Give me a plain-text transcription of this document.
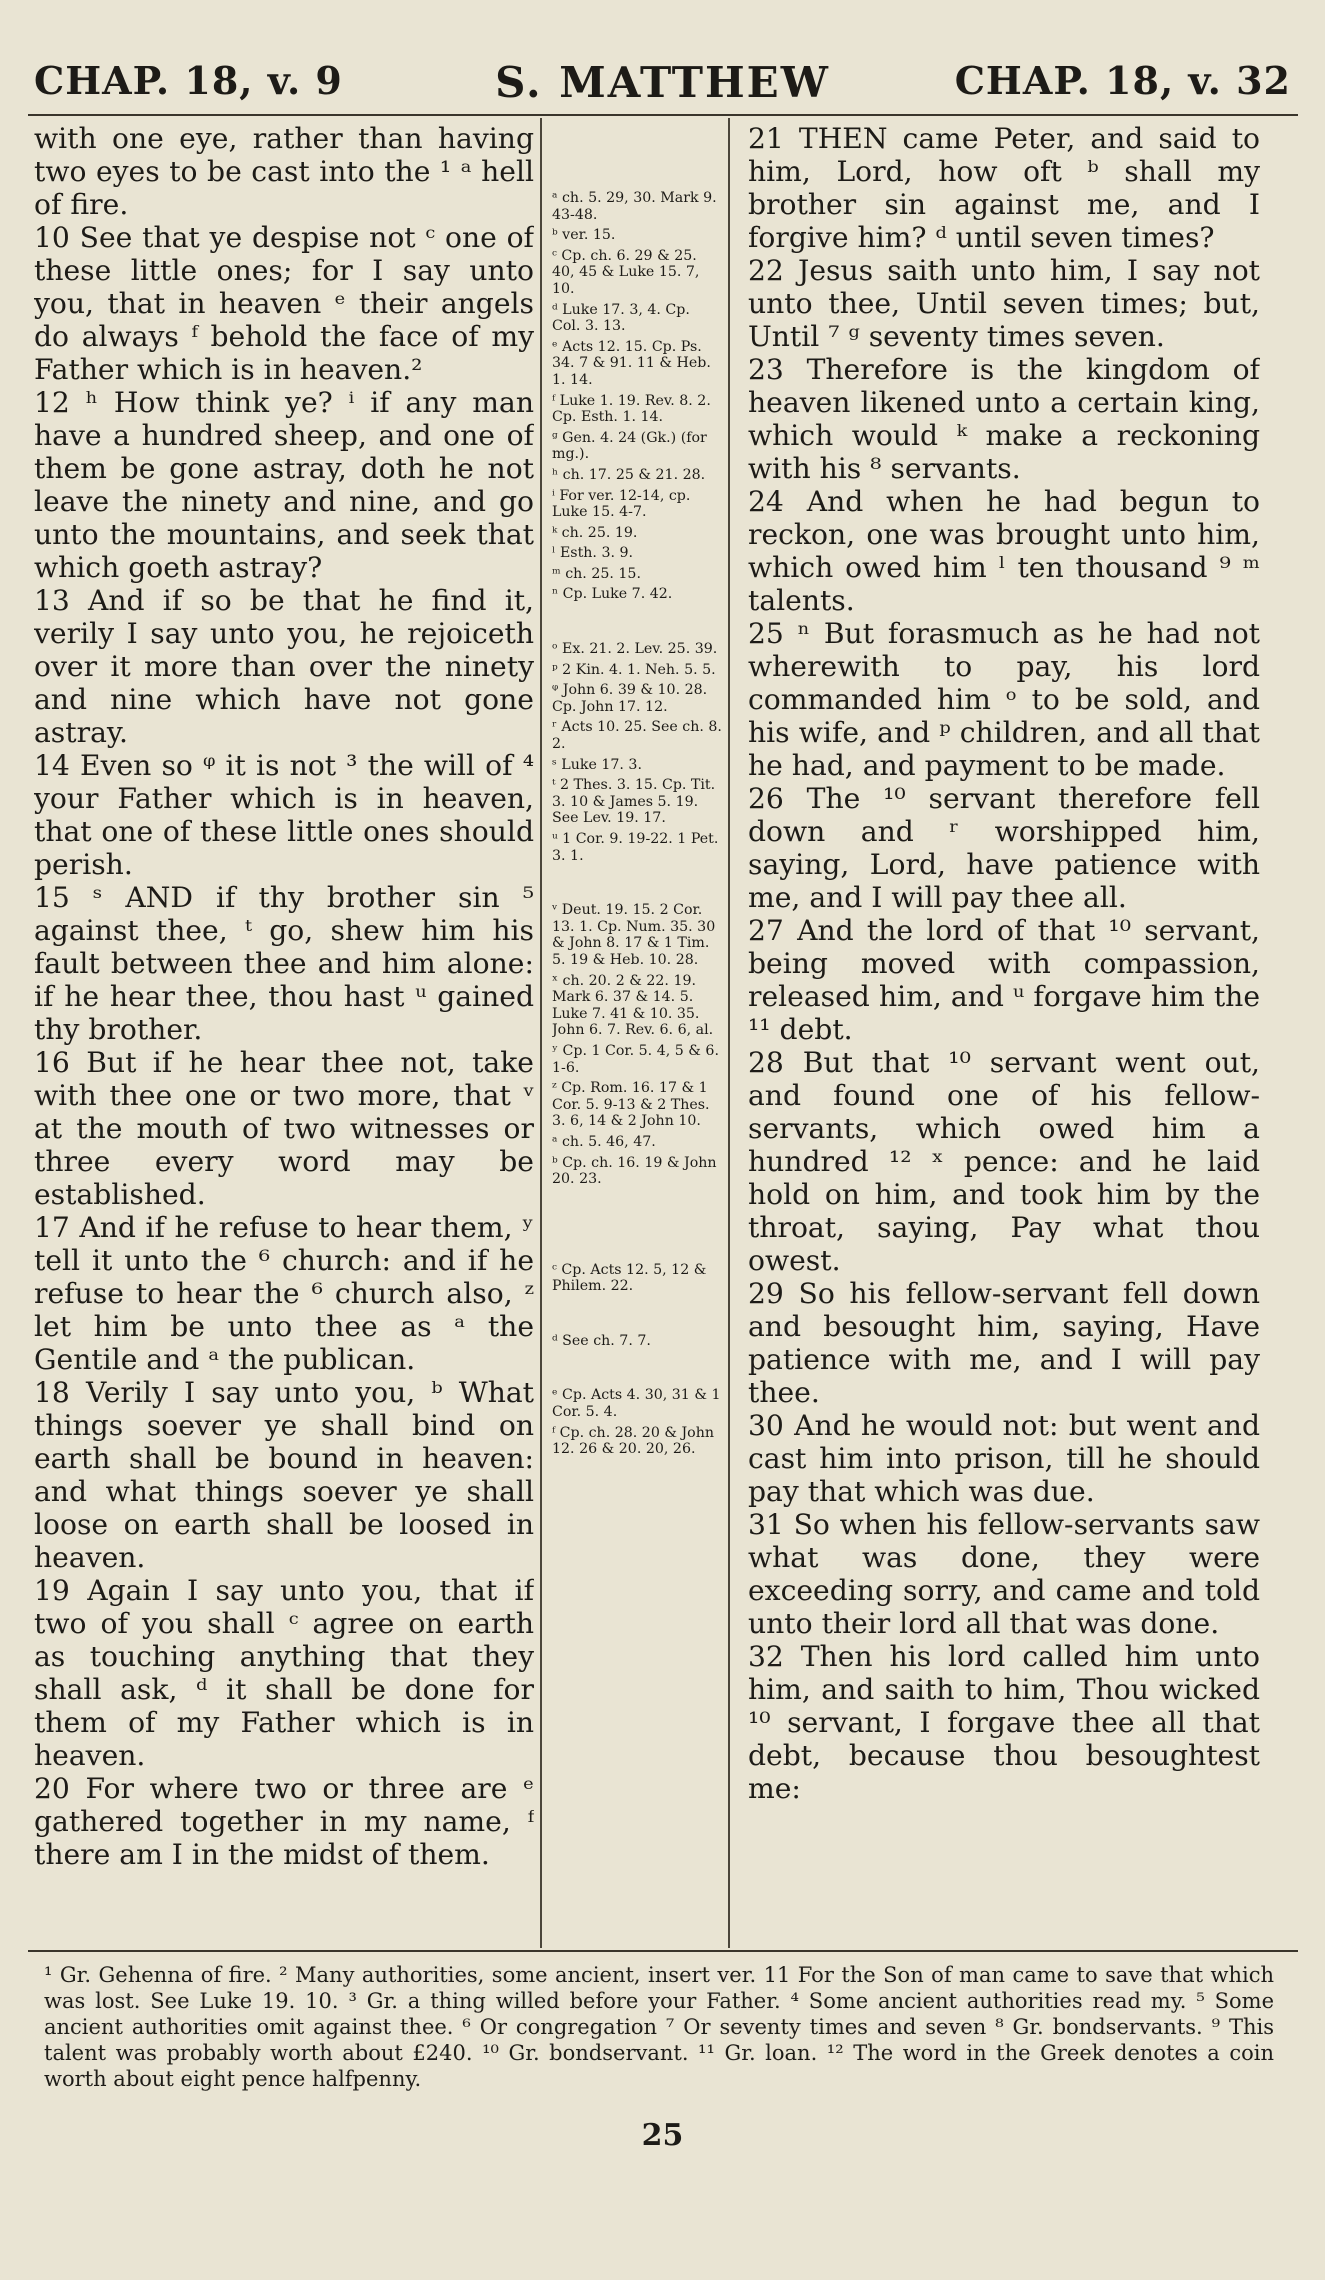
CHAP. 18, v. 9	S. MATTHEW	CHAP. 18, v. 32

with one eye, rather than having two eyes to be cast into the ¹ ᵃ hell of fire.

10 See that ye despise not ᶜ one of these little ones; for I say unto you, that in heaven ᵉ their angels do always ᶠ behold the face of my Father which is in heaven.²

12 ʰ How think ye? ⁱ if any man have a hundred sheep, and one of them be gone astray, doth he not leave the ninety and nine, and go unto the mountains, and seek that which goeth astray?

13 And if so be that he find it, verily I say unto you, he rejoiceth over it more than over the ninety and nine which have not gone astray.

14 Even so ᵠ it is not ³ the will of ⁴ your Father which is in heaven, that one of these little ones should perish.

15 ˢ AND if thy brother sin ⁵ against thee, ᵗ go, shew him his fault between thee and him alone: if he hear thee, thou hast ᵘ gained thy brother.

16 But if he hear thee not, take with thee one or two more, that ᵛ at the mouth of two witnesses or three every word may be established.

17 And if he refuse to hear them, ʸ tell it unto the ⁶ church: and if he refuse to hear the ⁶ church also, ᶻ let him be unto thee as ᵃ the Gentile and ᵃ the publican.

18 Verily I say unto you, ᵇ What things soever ye shall bind on earth shall be bound in heaven: and what things soever ye shall loose on earth shall be loosed in heaven.

19 Again I say unto you, that if two of you shall ᶜ agree on earth as touching anything that they shall ask, ᵈ it shall be done for them of my Father which is in heaven.

20 For where two or three are ᵉ gathered together in my name, ᶠ there am I in the midst of them.

ᵃ ch. 5. 29, 30. Mark 9. 43-48.
ᵇ ver. 15.
ᶜ Cp. ch. 6. 29 & 25. 40, 45 & Luke 15. 7, 10.
ᵈ Luke 17. 3, 4. Cp. Col. 3. 13.
ᵉ Acts 12. 15. Cp. Ps. 34. 7 & 91. 11 & Heb. 1. 14.
ᶠ Luke 1. 19. Rev. 8. 2. Cp. Esth. 1. 14.
ᵍ Gen. 4. 24 (Gk.) (for mg.).
ʰ ch. 17. 25 & 21. 28.
ⁱ For ver. 12-14, cp. Luke 15. 4-7.
ᵏ ch. 25. 19.
ˡ Esth. 3. 9.
ᵐ ch. 25. 15.
ⁿ Cp. Luke 7. 42.
ᵒ Ex. 21. 2. Lev. 25. 39.
ᵖ 2 Kin. 4. 1. Neh. 5. 5.
ᵠ John 6. 39 & 10. 28. Cp. John 17. 12.
ʳ Acts 10. 25. See ch. 8. 2.
ˢ Luke 17. 3.
ᵗ 2 Thes. 3. 15. Cp. Tit. 3. 10 & James 5. 19. See Lev. 19. 17.
ᵘ 1 Cor. 9. 19-22. 1 Pet. 3. 1.
ᵛ Deut. 19. 15. 2 Cor. 13. 1. Cp. Num. 35. 30 & John 8. 17 & 1 Tim. 5. 19 & Heb. 10. 28.
ˣ ch. 20. 2 & 22. 19. Mark 6. 37 & 14. 5. Luke 7. 41 & 10. 35. John 6. 7. Rev. 6. 6, al.
ʸ Cp. 1 Cor. 5. 4, 5 & 6. 1-6.
ᶻ Cp. Rom. 16. 17 & 1 Cor. 5. 9-13 & 2 Thes. 3. 6, 14 & 2 John 10.
ᵃ ch. 5. 46, 47.
ᵇ Cp. ch. 16. 19 & John 20. 23.
ᶜ Cp. Acts 12. 5, 12 & Philem. 22.
ᵈ See ch. 7. 7.
ᵉ Cp. Acts 4. 30, 31 & 1 Cor. 5. 4.
ᶠ Cp. ch. 28. 20 & John 12. 26 & 20. 20, 26.

21 THEN came Peter, and said to him, Lord, how oft ᵇ shall my brother sin against me, and I forgive him? ᵈ until seven times?

22 Jesus saith unto him, I say not unto thee, Until seven times; but, Until ⁷ ᵍ seventy times seven.

23 Therefore is the kingdom of heaven likened unto a certain king, which would ᵏ make a reckoning with his ⁸ servants.

24 And when he had begun to reckon, one was brought unto him, which owed him ˡ ten thousand ⁹ ᵐ talents.

25 ⁿ But forasmuch as he had not wherewith to pay, his lord commanded him ᵒ to be sold, and his wife, and ᵖ children, and all that he had, and payment to be made.

26 The ¹⁰ servant therefore fell down and ʳ worshipped him, saying, Lord, have patience with me, and I will pay thee all.

27 And the lord of that ¹⁰ servant, being moved with compassion, released him, and ᵘ forgave him the ¹¹ debt.

28 But that ¹⁰ servant went out, and found one of his fellow-servants, which owed him a hundred ¹² ˣ pence: and he laid hold on him, and took him by the throat, saying, Pay what thou owest.

29 So his fellow-servant fell down and besought him, saying, Have patience with me, and I will pay thee.

30 And he would not: but went and cast him into prison, till he should pay that which was due.

31 So when his fellow-servants saw what was done, they were exceeding sorry, and came and told unto their lord all that was done.

32 Then his lord called him unto him, and saith to him, Thou wicked ¹⁰ servant, I forgave thee all that debt, because thou besoughtest me:

¹ Gr. Gehenna of fire. ² Many authorities, some ancient, insert ver. 11 For the Son of man came to save that which was lost. See Luke 19. 10. ³ Gr. a thing willed before your Father. ⁴ Some ancient authorities read my. ⁵ Some ancient authorities omit against thee. ⁶ Or congregation ⁷ Or seventy times and seven ⁸ Gr. bondservants. ⁹ This talent was probably worth about £240. ¹⁰ Gr. bondservant. ¹¹ Gr. loan. ¹² The word in the Greek denotes a coin worth about eight pence halfpenny.
25
